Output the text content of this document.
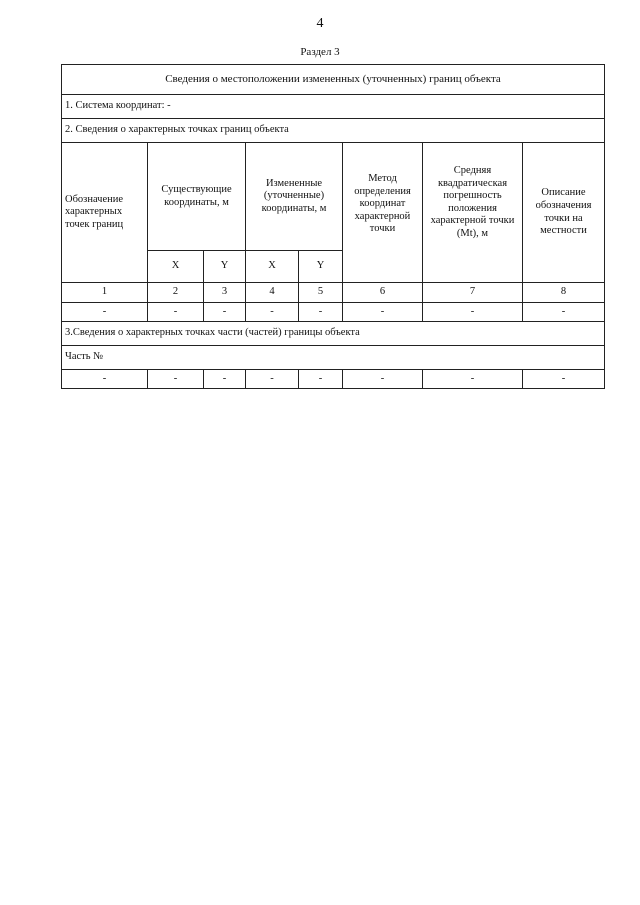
4
Раздел 3
Сведения о местоположении измененных (уточненных) границ объекта							
1. Система координат: -							
2. Сведения о характерных точках границ объекта							
Обозначение характерных точек границ	Существующие координаты, м		Измененные (уточненные) координаты, м		Метод определения координат характерной точки	Средняя квадратическая погрешность положения характерной точки (Mt), м	Описание обозначения точки на местности
	X	Y	X	Y			
1	2	3	4	5	6	7	8
-	-	-	-	-	-	-	-
3.Сведения о характерных точках части (частей) границы объекта							
Часть №							
-	-	-	-	-	-	-	-
